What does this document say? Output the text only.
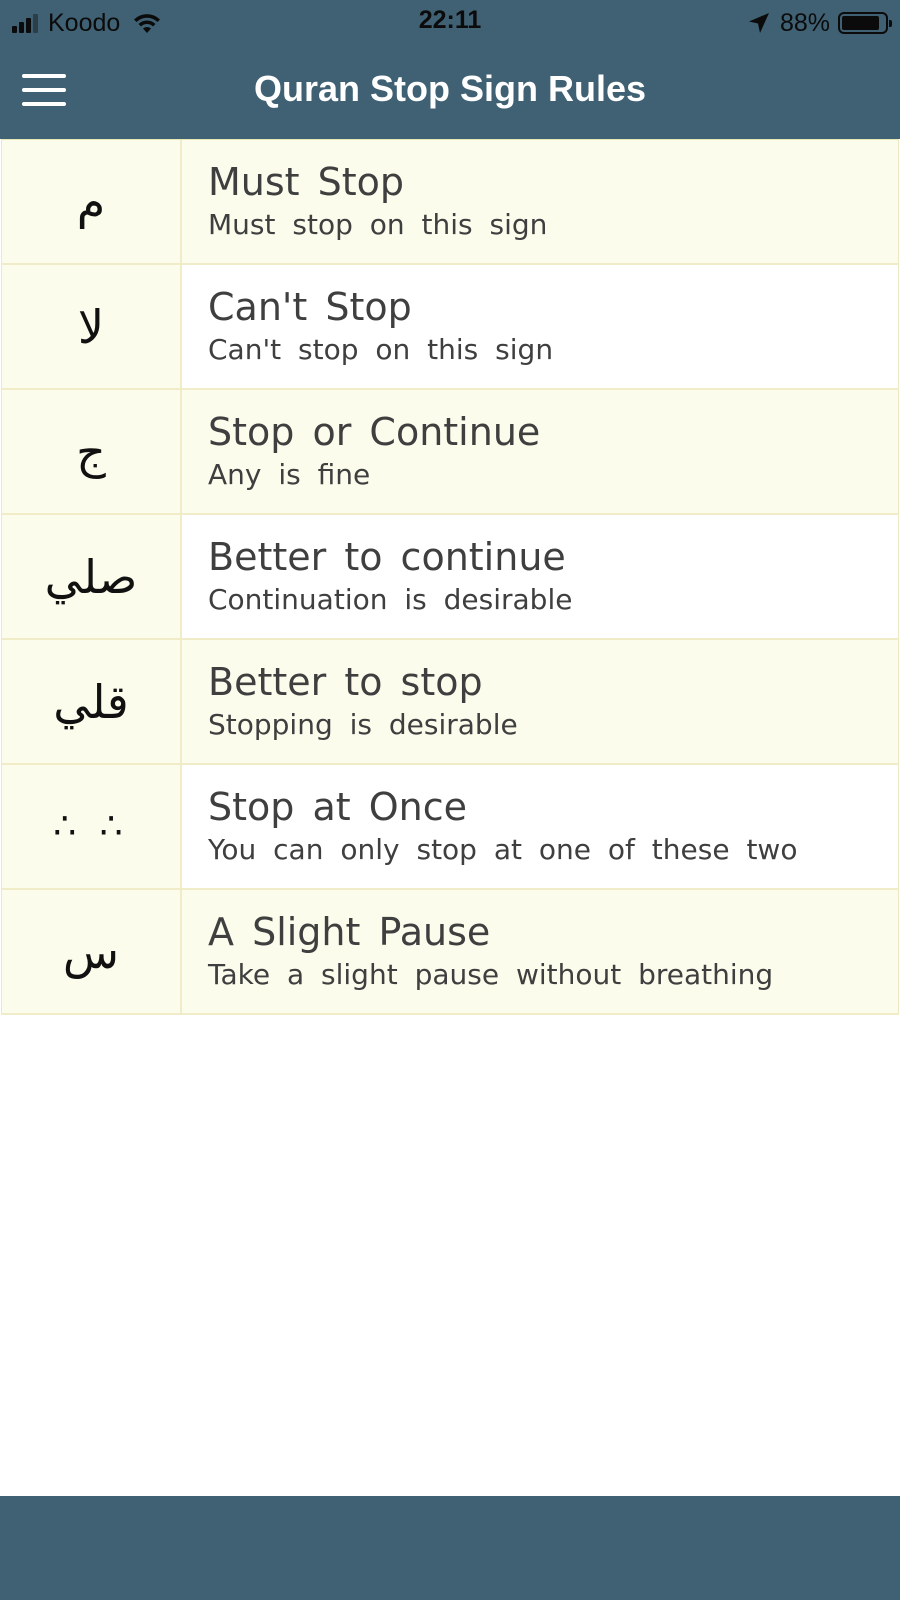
Koodo	22:11	88%
Quran Stop Sign Rules
م	Must Stop
Must stop on this sign
لا	Can't Stop
Can't stop on this sign
ج	Stop or Continue
Any is fine
صلي	Better to continue
Continuation is desirable
قلي	Better to stop
Stopping is desirable
∴ ∴	Stop at Once
You can only stop at one of these two
س	A Slight Pause
Take a slight pause without breathing
